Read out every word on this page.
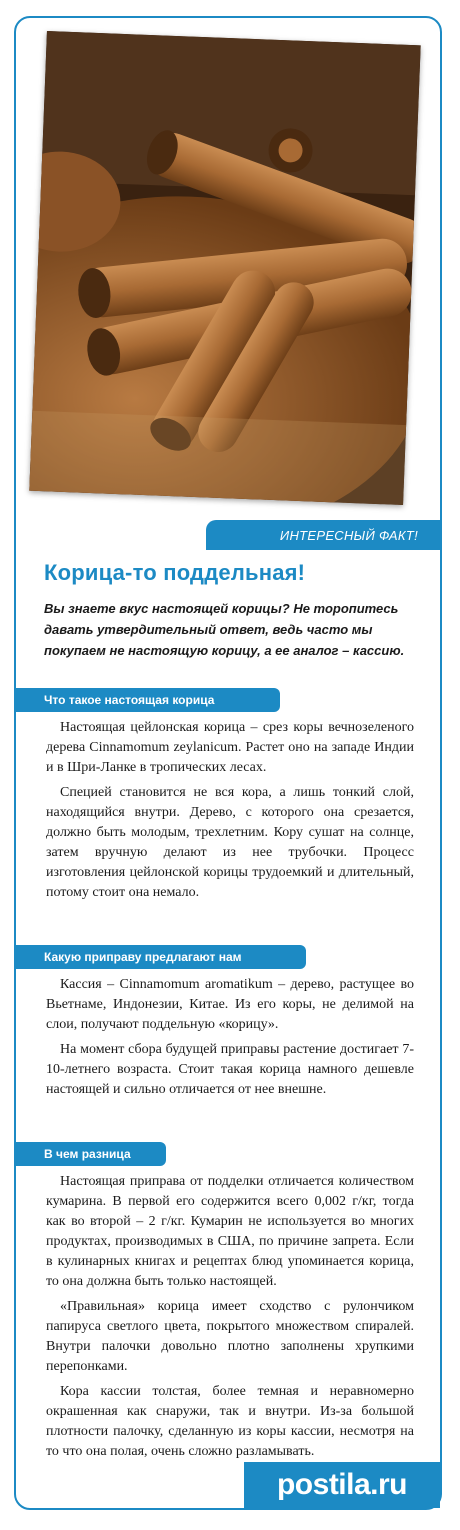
ИНТЕРЕСНЫЙ ФАКТ!
Корица-то поддельная!

Вы знаете вкус настоящей корицы? Не торопитесь давать утвердительный ответ, ведь часто мы покупаем не настоящую корицу, а ее аналог – кассию.

Что такое настоящая корица

Настоящая цейлонская корица – срез коры вечнозеленого дерева Cinnamomum zeylanicum. Растет оно на западе Индии и в Шри-Ланке в тропических лесах.

Специей становится не вся кора, а лишь тонкий слой, находящийся внутри. Дерево, с которого она срезается, должно быть молодым, трехлетним. Кору сушат на солнце, затем вручную делают из нее трубочки. Процесс изготовления цейлонской корицы трудоемкий и длительный, потому стоит она немало.

Какую приправу предлагают нам

Кассия – Cinnamomum aromatikum – дерево, растущее во Вьетнаме, Индонезии, Китае. Из его коры, не делимой на слои, получают поддельную «корицу».

На момент сбора будущей приправы растение достигает 7-10-летнего возраста. Стоит такая корица намного дешевле настоящей и сильно отличается от нее внешне.

В чем разница

Настоящая приправа от подделки отличается количеством кумарина. В первой его содержится всего 0,002 г/кг, тогда как во второй – 2 г/кг. Кумарин не используется во многих продуктах, производимых в США, по причине запрета. Если в кулинарных книгах и рецептах блюд упоминается корица, то она должна быть только настоящей.

«Правильная» корица имеет сходство с рулончиком папируса светлого цвета, покрытого множеством спиралей. Внутри палочки довольно плотно заполнены хрупкими перепонками.

Кора кассии толстая, более темная и неравномерно окрашенная как снаружи, так и внутри. Из-за большой плотности палочку, сделанную из коры кассии, несмотря на то что она полая, очень сложно разламывать.

postila.ru
